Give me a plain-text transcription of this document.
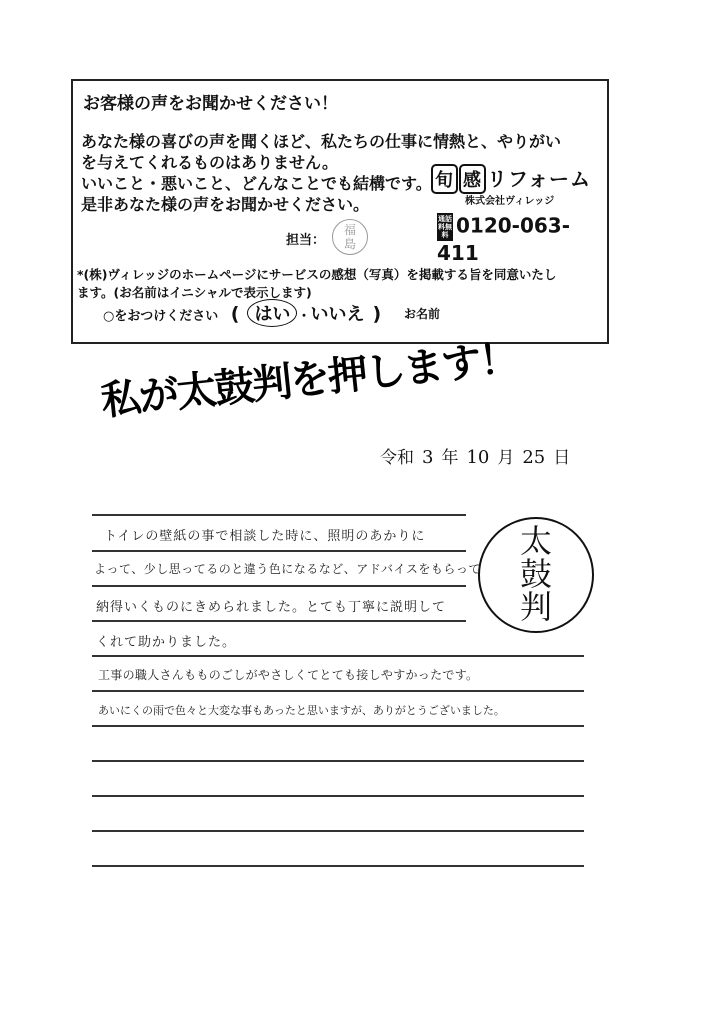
お客様の声をお聞かせください！
あなた様の喜びの声を聞くほど、私たちの仕事に情熱と、やりがい
を与えてくれるものはありません。
いいこと・悪いこと、どんなことでも結構です。
是非あなた様の声をお聞かせください。
旬 感 リフォーム
株式会社ヴィレッジ
通話料無料 0120-063-411
担当：
福島
*(株)ヴィレッジのホームページにサービスの感想（写真）を掲載する旨を同意いたし
ます。(お名前はイニシャルで表示します)
○をおつけください ( はい ・いいえ )	お名前
私が太鼓判を押します！
令和 3 年 10 月 25 日
トイレの壁紙の事で相談した時に、照明のあかりに
よって、少し思ってるのと違う色になるなど、アドバイスをもらって
納得いくものにきめられました。とても丁寧に説明して
くれて助かりました。
工事の職人さんもものごしがやさしくてとても接しやすかったです。
あいにくの雨で色々と大変な事もあったと思いますが、ありがとうございました。
太鼓判
